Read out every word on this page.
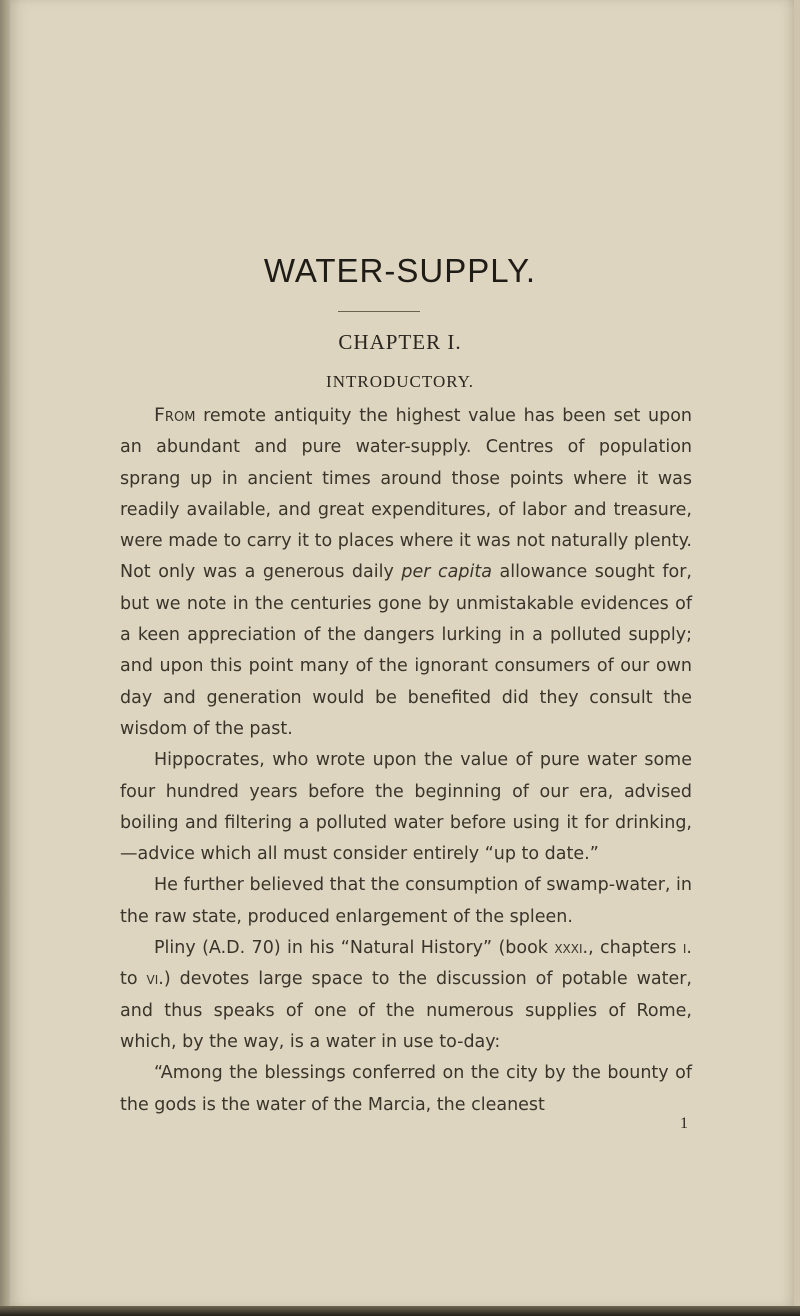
WATER-SUPPLY.
CHAPTER I.
INTRODUCTORY.

From remote antiquity the highest value has been set upon an abundant and pure water-supply. Centres of population sprang up in ancient times around those points where it was readily available, and great expenditures, of labor and treasure, were made to carry it to places where it was not naturally plenty. Not only was a generous daily per capita allowance sought for, but we note in the centuries gone by unmistakable evidences of a keen appreciation of the dangers lurking in a polluted supply; and upon this point many of the ignorant consumers of our own day and generation would be benefited did they consult the wisdom of the past.

Hippocrates, who wrote upon the value of pure water some four hundred years before the beginning of our era, advised boiling and filtering a polluted water before using it for drinking,—advice which all must consider entirely “up to date.”

He further believed that the consumption of swamp-water, in the raw state, produced enlargement of the spleen.

Pliny (A.D. 70) in his “Natural History” (book xxxi., chapters i. to vi.) devotes large space to the discussion of potable water, and thus speaks of one of the numerous supplies of Rome, which, by the way, is a water in use to-day:

“Among the blessings conferred on the city by the bounty of the gods is the water of the Marcia, the cleanest

1
